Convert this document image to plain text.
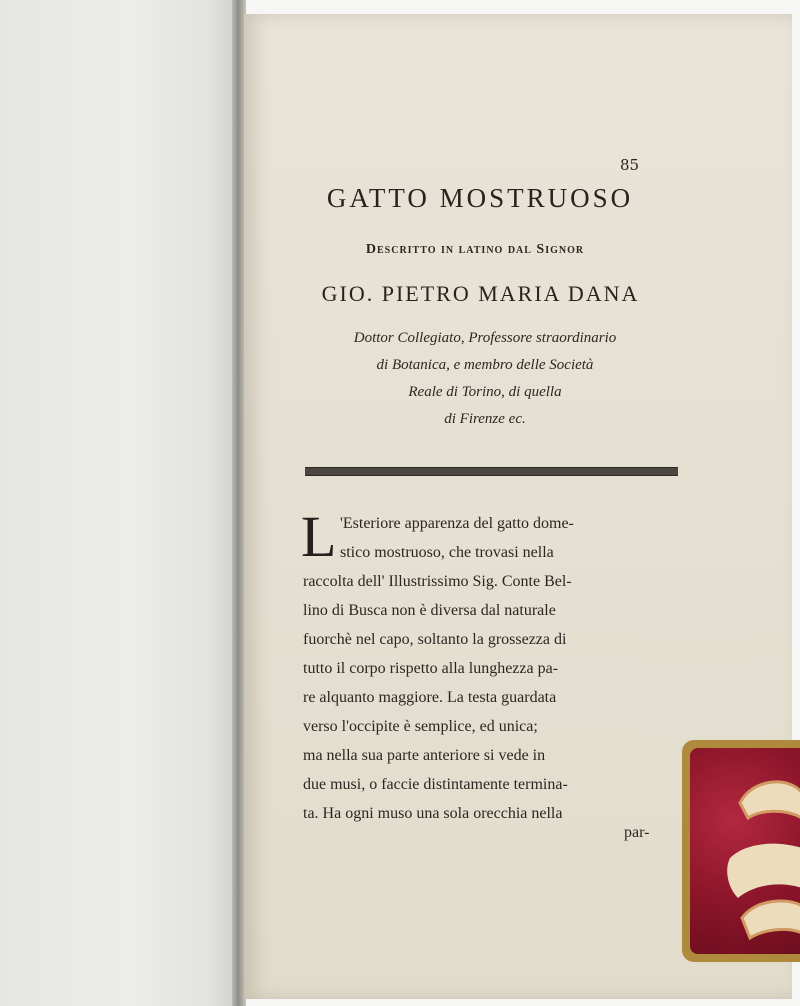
85
GATTO MOSTRUOSO
Descritto in latino dal Signor
GIO. PIETRO MARIA DANA
Dottor Collegiato, Professore straordinario
di Botanica, e membro delle Società
Reale di Torino, di quella
di Firenze ec.
L 'Esteriore apparenza del gatto dome-
stico mostruoso, che trovasi nella
raccolta dell' Illustrissimo Sig. Conte Bel-
lino di Busca non è diversa dal naturale
fuorchè nel capo, soltanto la grossezza di
tutto il corpo rispetto alla lunghezza pa-
re alquanto maggiore. La testa guardata
verso l'occipite è semplice, ed unica;
ma nella sua parte anteriore si vede in
due musi, o faccie distintamente termina-
ta. Ha ogni muso una sola orecchia nella
par-
